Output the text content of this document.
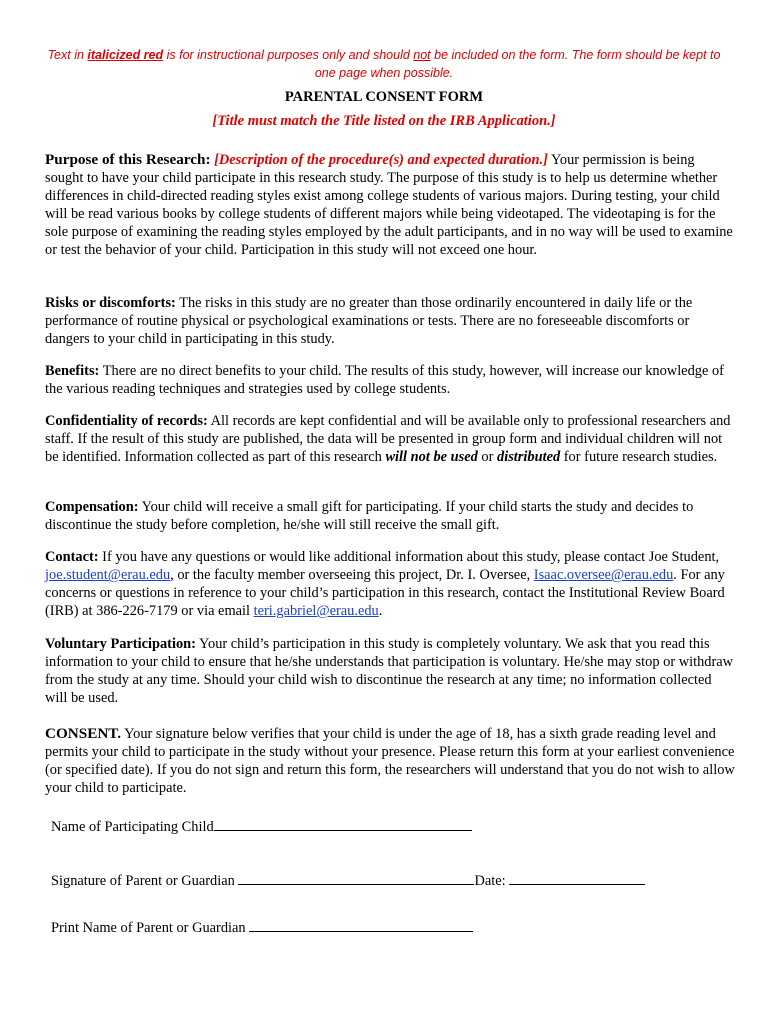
Text in italicized red is for instructional purposes only and should not be included on the form. The form should be kept to one page when possible.
PARENTAL CONSENT FORM
[Title must match the Title listed on the IRB Application.]

Purpose of this Research: [Description of the procedure(s) and expected duration.] Your permission is being sought to have your child participate in this research study. The purpose of this study is to help us determine whether differences in child-directed reading styles exist among college students of various majors. During testing, your child will be read various books by college students of different majors while being videotaped. The videotaping is for the sole purpose of examining the reading styles employed by the adult participants, and in no way will be used to examine or test the behavior of your child. Participation in this study will not exceed one hour.

Risks or discomforts: The risks in this study are no greater than those ordinarily encountered in daily life or the performance of routine physical or psychological examinations or tests. There are no foreseeable discomforts or dangers to your child in participating in this study.

Benefits: There are no direct benefits to your child. The results of this study, however, will increase our knowledge of the various reading techniques and strategies used by college students.

Confidentiality of records: All records are kept confidential and will be available only to professional researchers and staff. If the result of this study are published, the data will be presented in group form and individual children will not be identified. Information collected as part of this research will not be used or distributed for future research studies.

Compensation: Your child will receive a small gift for participating. If your child starts the study and decides to discontinue the study before completion, he/she will still receive the small gift.

Contact: If you have any questions or would like additional information about this study, please contact Joe Student, joe.student@erau.edu, or the faculty member overseeing this project, Dr. I. Oversee, Isaac.oversee@erau.edu. For any concerns or questions in reference to your child’s participation in this research, contact the Institutional Review Board (IRB) at 386-226-7179 or via email teri.gabriel@erau.edu.

Voluntary Participation: Your child’s participation in this study is completely voluntary. We ask that you read this information to your child to ensure that he/she understands that participation is voluntary. He/she may stop or withdraw from the study at any time. Should your child wish to discontinue the research at any time; no information collected will be used.

CONSENT. Your signature below verifies that your child is under the age of 18, has a sixth grade reading level and permits your child to participate in the study without your presence. Please return this form at your earliest convenience (or specified date). If you do not sign and return this form, the researchers will understand that you do not wish to allow your child to participate.

Name of Participating Child
Signature of Parent or Guardian	Date:
Print Name of Parent or Guardian
